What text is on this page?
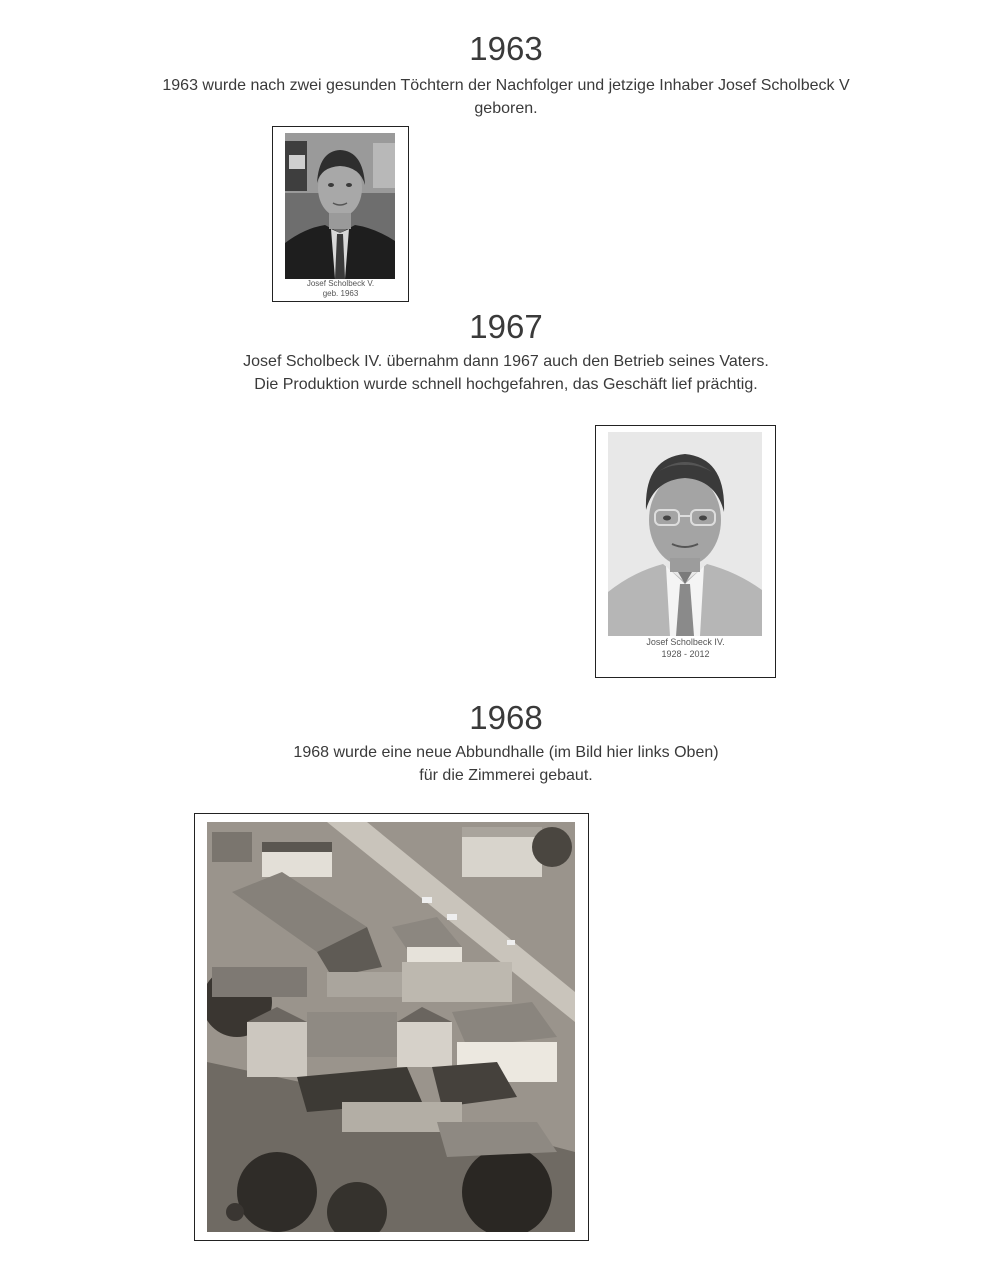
1963
1963 wurde nach zwei gesunden Töchtern der Nachfolger und jetzige Inhaber Josef Scholbeck V
geboren.
Josef Scholbeck V.
geb. 1963
1967
Josef Scholbeck IV. übernahm dann 1967 auch den Betrieb seines Vaters.
Die Produktion wurde schnell hochgefahren, das Geschäft lief prächtig.
Josef Scholbeck IV.
1928 - 2012
1968
1968 wurde eine neue Abbundhalle (im Bild hier links Oben)
für die Zimmerei gebaut.
